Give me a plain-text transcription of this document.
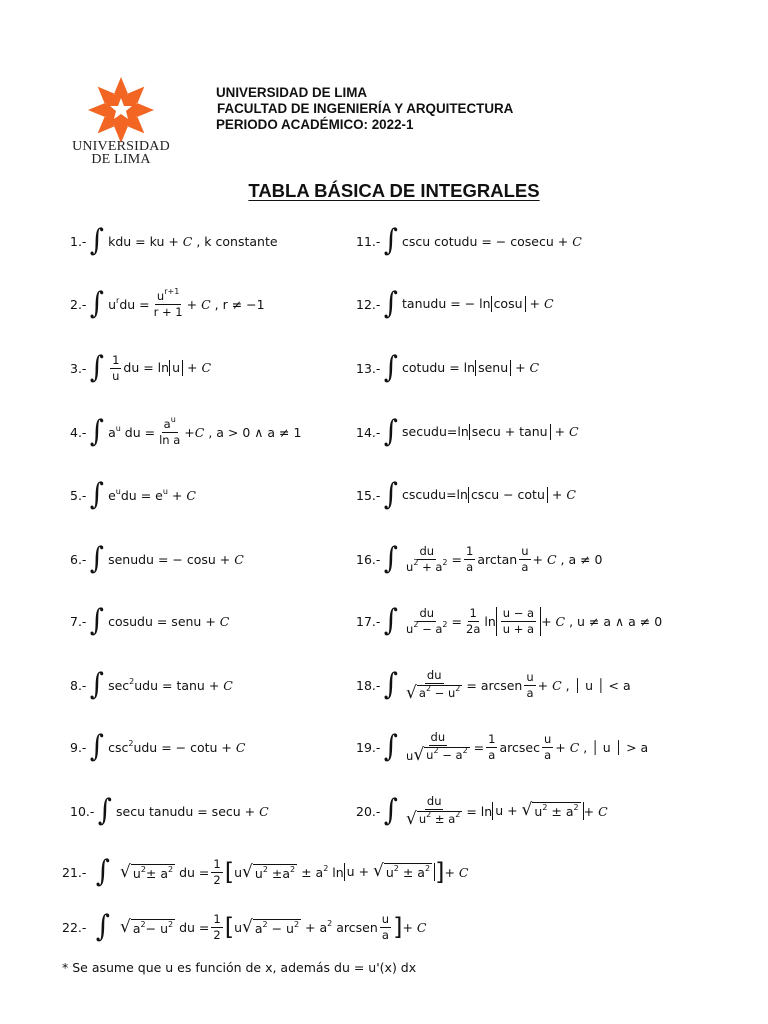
UNIVERSIDAD
DE LIMA
UNIVERSIDAD DE LIMA
FACULTAD DE INGENIERÍA Y ARQUITECTURA
PERIODO ACADÉMICO: 2022-1
TABLA BÁSICA DE INTEGRALES
1.- ∫ kdu = ku + C , k constante
2.- ∫ $u^rdu = \frac{u^{r+1}}{r + 1} + C$ , r ≠ −1
3.- ∫ $\frac{1}{u}$ du = ln u + C
4.- ∫ $a^u$ du = $\frac{a^u}{\text{ln a}} +C$ , a > 0 ∧ a ≠ 1
5.- ∫ $e^udu = e^u + C$
6.- ∫ senudu = − cosu + C
7.- ∫ cosudu = senu + C
8.- ∫ $\sec^2udu = \tan u + C$
9.- ∫ $\csc^2udu$ = − cotu + C
10.- ∫ secu tanudu = secu + C
11.- ∫ cscu cotudu = − cosecu + C
12.- ∫ tanudu = − ln cosu + C
13.- ∫ cotudu = ln senu + C
14.- ∫ secudu=ln secu + tanu + C
15.- ∫ cscudu=ln cscu − cotu + C
16.- ∫ $\frac{du}{u^2 + a^2} = \frac{1}{a}$ $\arctan \frac{u}{a} + C$ , a ≠ 0
17.- ∫ $\frac{du}{u^2 - a^2} = \frac{1}{2a}$ $\ln \frac{u - a}{u + a} + C$ , u ≠ a ∧ a ≠ 0
18.- ∫ $\frac{du}{√ a^2 - u^2}$ = arcsen $\frac{u}{a} + C$ , │ u │ < a
19.- ∫ $\frac{du}{u √ u^2 - a^2} = \frac{1}{a}$ arcsec $\frac{u}{a} + C$ , │ u │ > a
20.- ∫ $\frac{du}{√ u^2 \pm a^2} = \ln u$ + √ $u^2 \pm a^2 + C$
21.- ∫ √ $u^2\pm a^2$ du = $\frac{1}{2}$ [ u √ $u^2 \pm a^2 \pm a^2$ ln u + √ $u^2 \pm a^2$ ] + C
22.- ∫ √ $a^2- u^2$ du = $\frac{1}{2}$ [ u √ $a^2 - u^2 + a^2$ arcsen $\frac{u}{a}$ ] + C
* Se asume que u es función de x, además du = u'(x) dx
